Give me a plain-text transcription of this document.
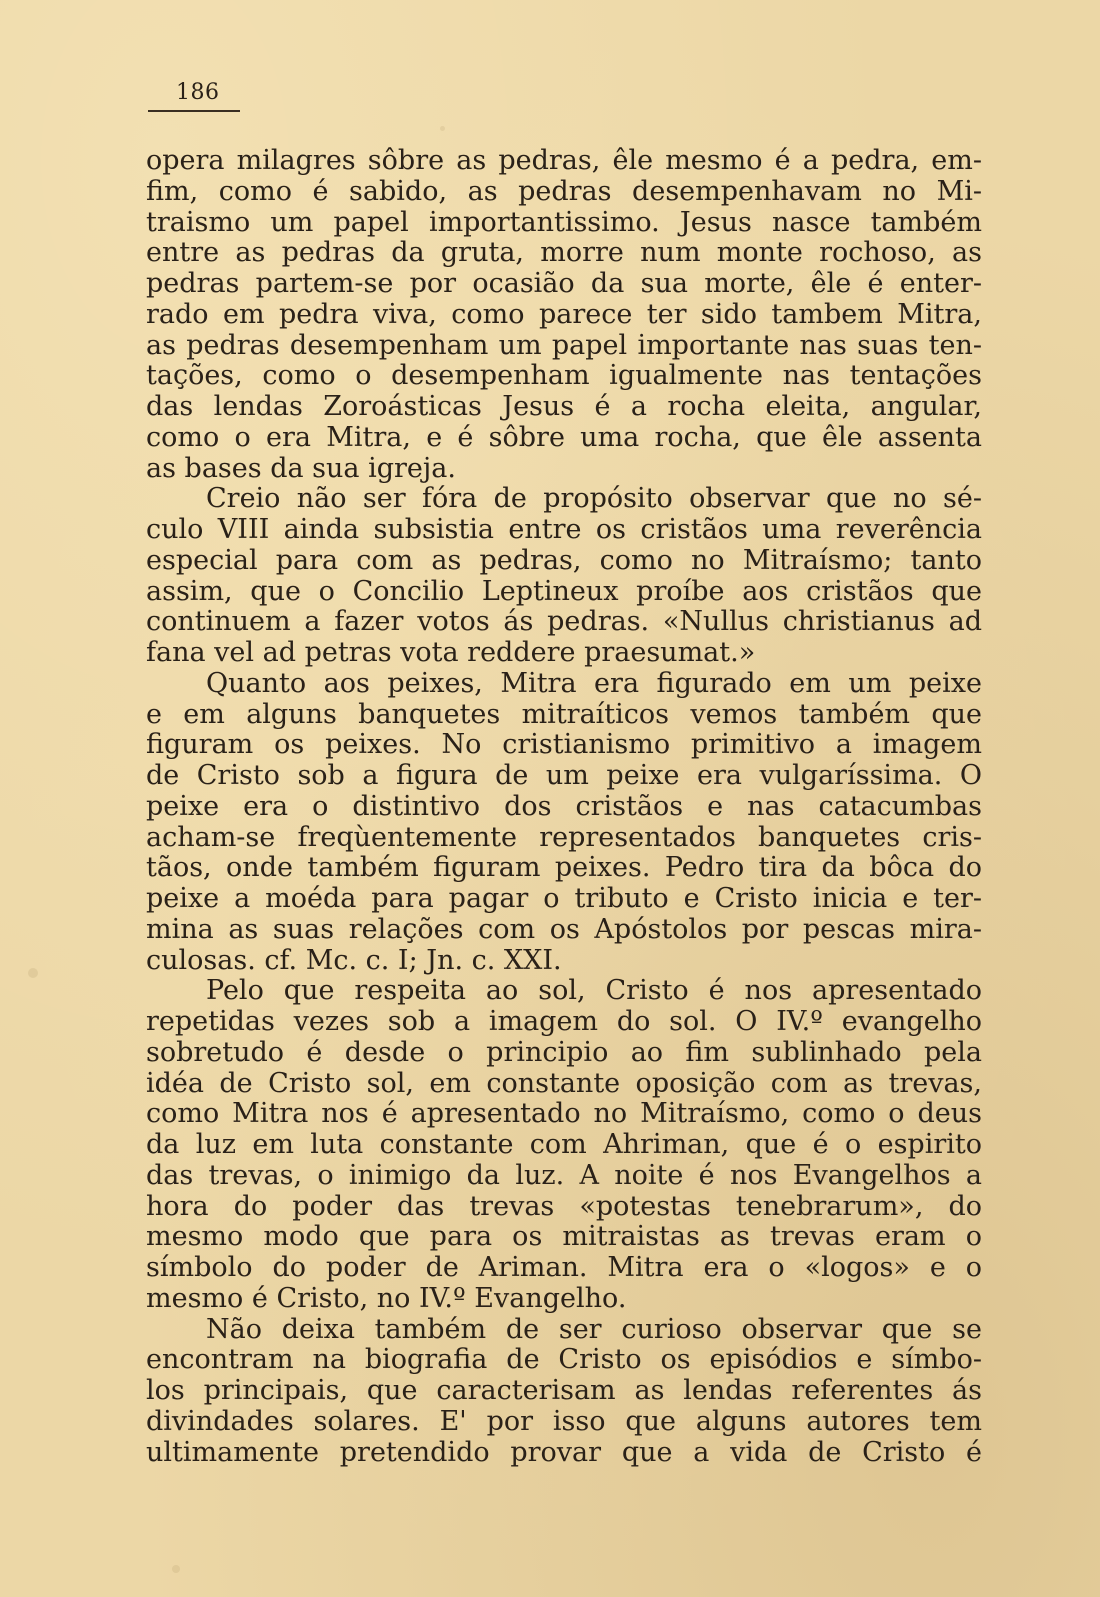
186
opera milagres sôbre as pedras, êle mesmo é a pedra, em-
fim, como é sabido, as pedras desempenhavam no Mi-
traismo um papel importantissimo. Jesus nasce também
entre as pedras da gruta, morre num monte rochoso, as
pedras partem-se por ocasião da sua morte, êle é enter-
rado em pedra viva, como parece ter sido tambem Mitra,
as pedras desempenham um papel importante nas suas ten-
tações, como o desempenham igualmente nas tentações
das lendas Zoroásticas Jesus é a rocha eleita, angular,
como o era Mitra, e é sôbre uma rocha, que êle assenta
as bases da sua igreja.
Creio não ser fóra de propósito observar que no sé-
culo VIII ainda subsistia entre os cristãos uma reverência
especial para com as pedras, como no Mitraísmo; tanto
assim, que o Concilio Leptineux proíbe aos cristãos que
continuem a fazer votos ás pedras. «Nullus christianus ad
fana vel ad petras vota reddere praesumat.»
Quanto aos peixes, Mitra era figurado em um peixe
e em alguns banquetes mitraíticos vemos também que
figuram os peixes. No cristianismo primitivo a imagem
de Cristo sob a figura de um peixe era vulgaríssima. O
peixe era o distintivo dos cristãos e nas catacumbas
acham-se freqùentemente representados banquetes cris-
tãos, onde também figuram peixes. Pedro tira da bôca do
peixe a moéda para pagar o tributo e Cristo inicia e ter-
mina as suas relações com os Apóstolos por pescas mira-
culosas. cf. Mc. c. I; Jn. c. XXI.
Pelo que respeita ao sol, Cristo é nos apresentado
repetidas vezes sob a imagem do sol. O IV.º evangelho
sobretudo é desde o principio ao fim sublinhado pela
idéa de Cristo sol, em constante oposição com as trevas,
como Mitra nos é apresentado no Mitraísmo, como o deus
da luz em luta constante com Ahriman, que é o espirito
das trevas, o inimigo da luz. A noite é nos Evangelhos a
hora do poder das trevas «potestas tenebrarum», do
mesmo modo que para os mitraistas as trevas eram o
símbolo do poder de Ariman. Mitra era o «logos» e o
mesmo é Cristo, no IV.º Evangelho.
Não deixa também de ser curioso observar que se
encontram na biografia de Cristo os episódios e símbo-
los principais, que caracterisam as lendas referentes ás
divindades solares. E' por isso que alguns autores tem
ultimamente pretendido provar que a vida de Cristo é
